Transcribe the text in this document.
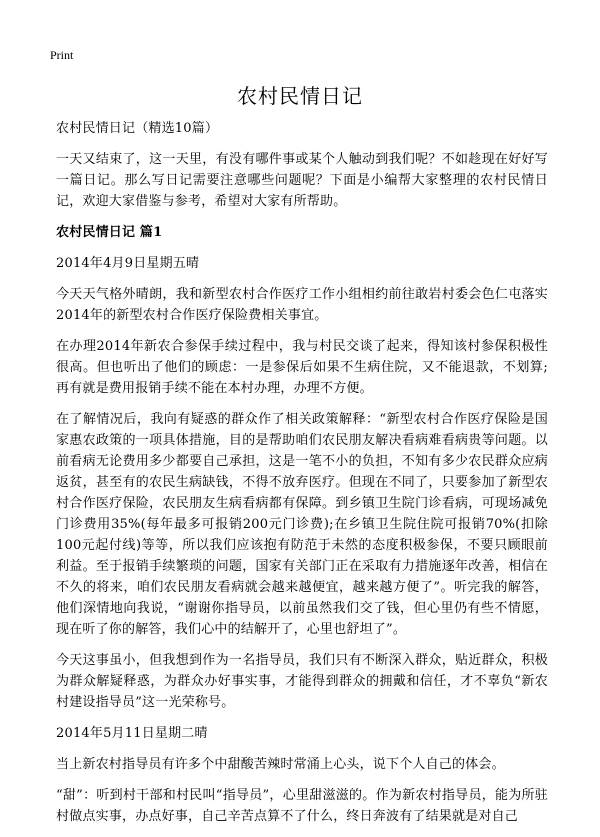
Print
农村民情日记

农村民情日记（精选10篇）

一天又结束了，这一天里，有没有哪件事或某个人触动到我们呢？不如趁现在好好写一篇日记。那么写日记需要注意哪些问题呢？下面是小编帮大家整理的农村民情日记，欢迎大家借鉴与参考，希望对大家有所帮助。

农村民情日记 篇1

2014年4月9日星期五晴

今天天气格外晴朗，我和新型农村合作医疗工作小组相约前往敢岩村委会色仁屯落实2014年的新型农村合作医疗保险费相关事宜。

在办理2014年新农合参保手续过程中，我与村民交谈了起来，得知该村参保积极性很高。但也听出了他们的顾虑：一是参保后如果不生病住院，又不能退款，不划算;再有就是费用报销手续不能在本村办理，办理不方便。

在了解情况后，我向有疑惑的群众作了相关政策解释：“新型农村合作医疗保险是国家惠农政策的一项具体措施，目的是帮助咱们农民朋友解决看病难看病贵等问题。以前看病无论费用多少都要自己承担，这是一笔不小的负担，不知有多少农民群众应病返贫，甚至有的农民生病缺钱，不得不放弃医疗。但现在不同了，只要参加了新型农村合作医疗保险，农民朋友生病看病都有保障。到乡镇卫生院门诊看病，可现场减免门诊费用35%(每年最多可报销200元门诊费);在乡镇卫生院住院可报销70%(扣除100元起付线)等等，所以我们应该抱有防范于未然的态度积极参保，不要只顾眼前利益。至于报销手续繁琐的问题，国家有关部门正在采取有力措施逐年改善，相信在不久的将来，咱们农民朋友看病就会越来越便宜，越来越方便了”。听完我的解答，他们深情地向我说，“谢谢你指导员，以前虽然我们交了钱，但心里仍有些不情愿，现在听了你的解答，我们心中的结解开了，心里也舒坦了”。

今天这事虽小，但我想到作为一名指导员，我们只有不断深入群众，贴近群众，积极为群众解疑释惑，为群众办好事实事，才能得到群众的拥戴和信任，才不辜负“新农村建设指导员”这一光荣称号。

2014年5月11日星期二晴

当上新农村指导员有许多个中甜酸苦辣时常涌上心头，说下个人自己的体会。

“甜”：听到村干部和村民叫“指导员”，心里甜滋滋的。作为新农村指导员，能为所驻村做点实事，办点好事，自己辛苦点算不了什么，终日奔波有了结果就是对自己
